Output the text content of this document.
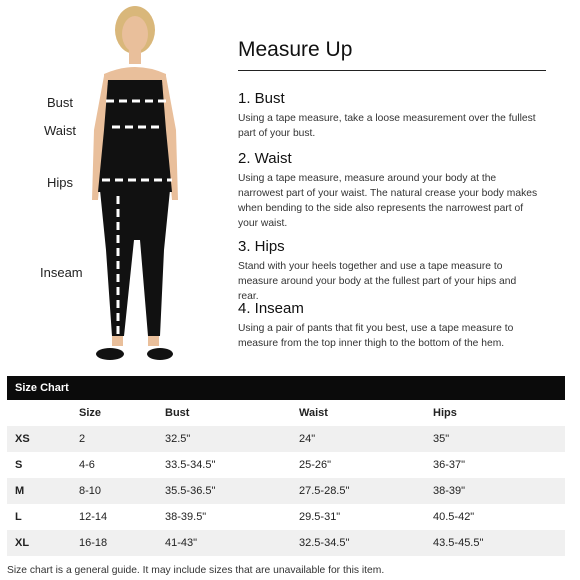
Bust
Waist
Hips
Inseam
Measure Up
1. Bust

Using a tape measure, take a loose measurement over the fullest part of your bust.

2. Waist

Using a tape measure, measure around your body at the narrowest part of your waist. The natural crease your body makes when bending to the side also represents the narrowest part of your waist.

3. Hips

Stand with your heels together and use a tape measure to measure around your body at the fullest part of your hips and rear.

4. Inseam

Using a pair of pants that fit you best, use a tape measure to measure from the top inner thigh to the bottom of the hem.

Size Chart
	Size	Bust	Waist	Hips
XS	2	32.5"	24"	35"
S	4-6	33.5-34.5"	25-26"	36-37"
M	8-10	35.5-36.5"	27.5-28.5"	38-39"
L	12-14	38-39.5"	29.5-31"	40.5-42"
XL	16-18	41-43"	32.5-34.5"	43.5-45.5"
Size chart is a general guide. It may include sizes that are unavailable for this item.
